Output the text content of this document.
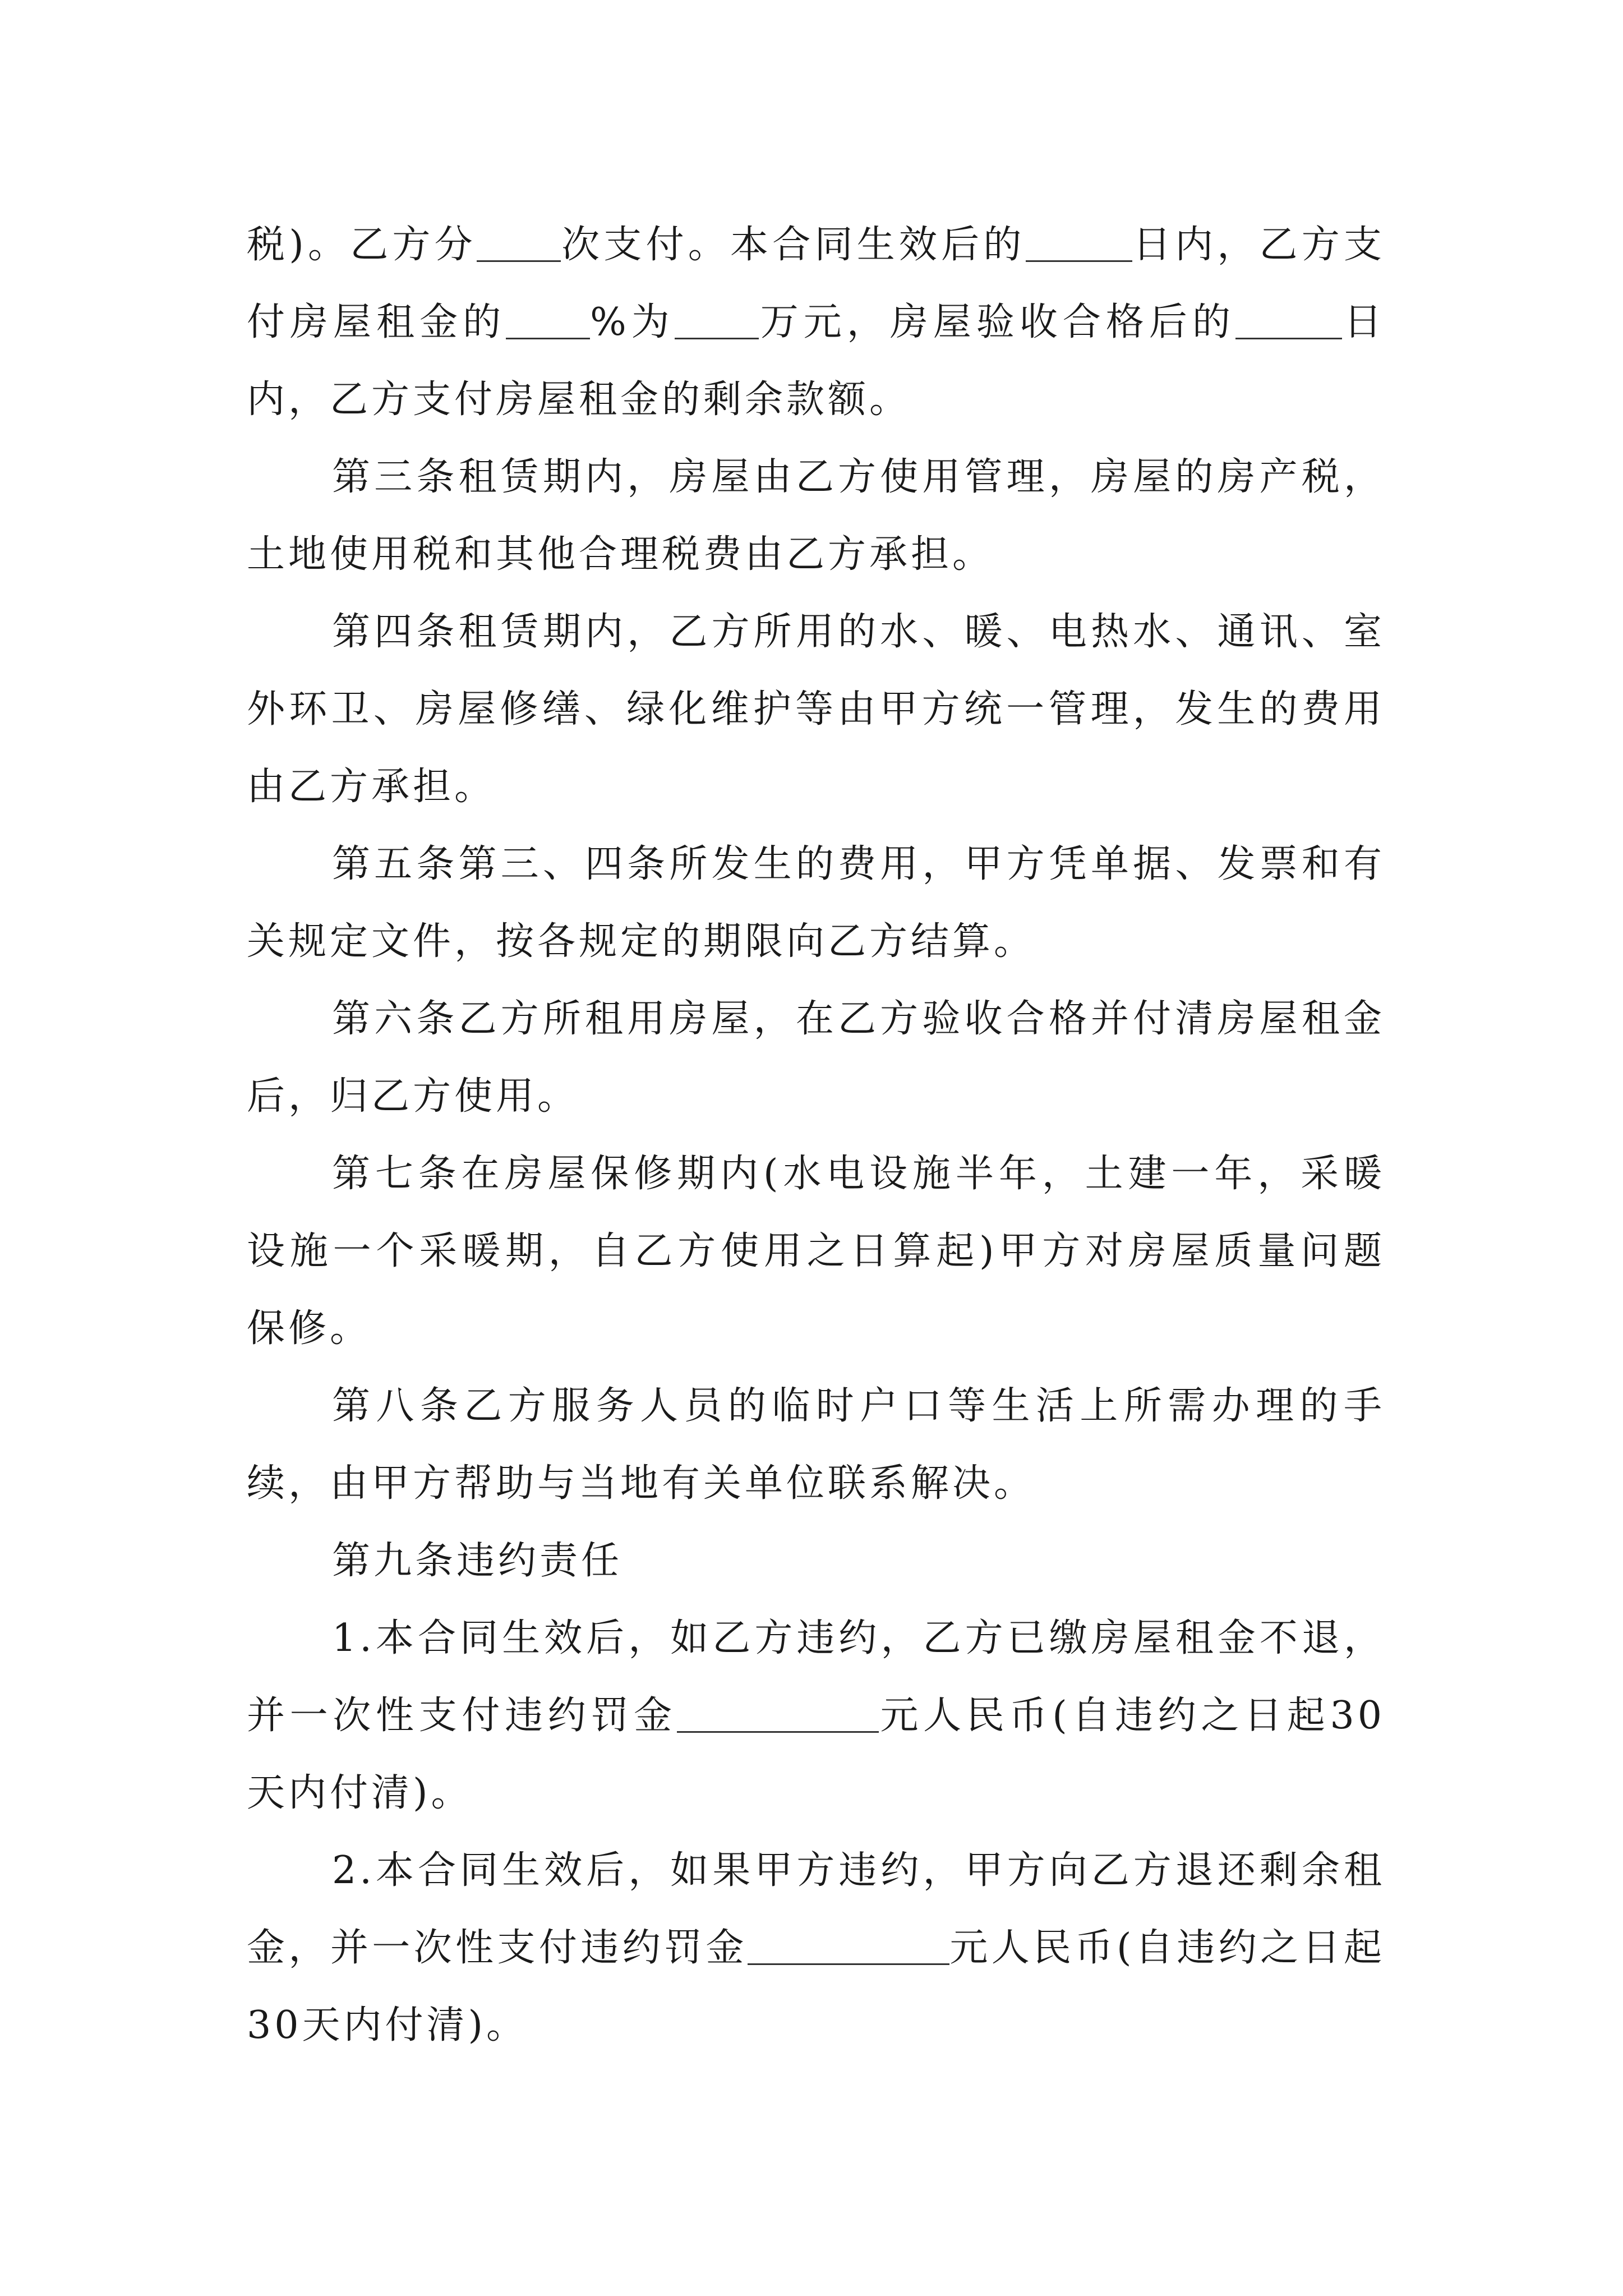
税)。乙方分 次支付。本合同生效后的	日内，乙方支付房屋租金的 %为 万元，房屋验收合格后的	日内，乙方支付房屋租金的剩余款额。

第三条租赁期内，房屋由乙方使用管理，房屋的房产税，土地使用税和其他合理税费由乙方承担。

第四条租赁期内，乙方所用的水、暖、电热水、通讯、室外环卫、房屋修缮、绿化维护等由甲方统一管理，发生的费用由乙方承担。

第五条第三、四条所发生的费用，甲方凭单据、发票和有关规定文件，按各规定的期限向乙方结算。

第六条乙方所租用房屋，在乙方验收合格并付清房屋租金后，归乙方使用。

第七条在房屋保修期内(水电设施半年，土建一年，采暖设施一个采暖期，自乙方使用之日算起)甲方对房屋质量问题保修。

第八条乙方服务人员的临时户口等生活上所需办理的手续，由甲方帮助与当地有关单位联系解决。

第九条违约责任

1.本合同生效后，如乙方违约，乙方已缴房屋租金不退，并一次性支付违约罚金	元人民币(自违约之日起30天内付清)。

2.本合同生效后，如果甲方违约，甲方向乙方退还剩余租金，并一次性支付违约罚金	元人民币(自违约之日起30天内付清)。
